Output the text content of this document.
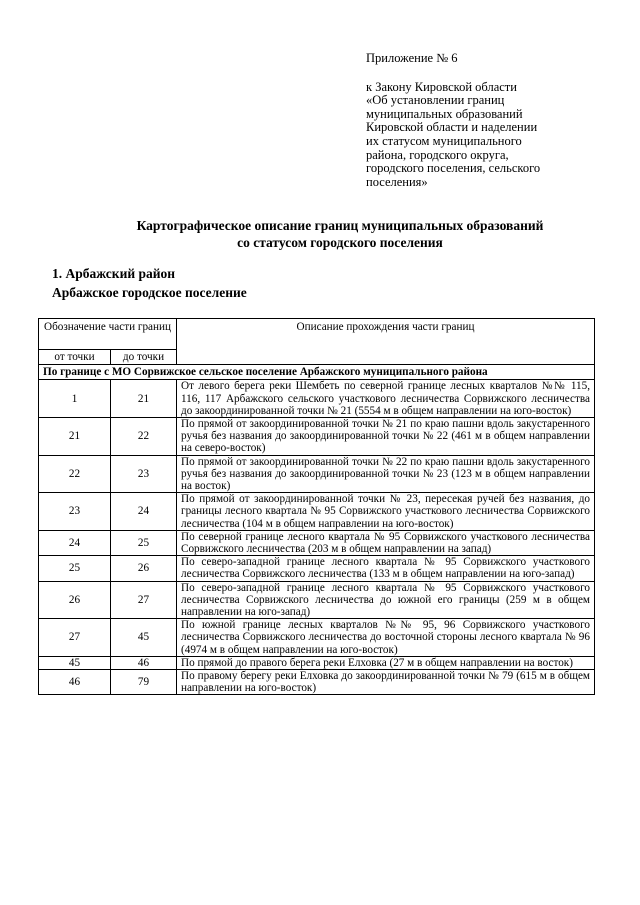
Приложение № 6
к Закону Кировской области
«Об установлении границ
муниципальных образований
Кировской области и наделении
их статусом муниципального
района, городского округа,
городского поселения, сельского
поселения»
Картографическое описание границ муниципальных образований
со статусом городского поселения
1. Арбажский район
Арбажское городское поселение
Обозначение части границ		Описание прохождения части границ
от точки	до точки	
По границе с МО Сорвижское сельское поселение Арбажского муниципального района		
1	21	От левого берега реки Шембеть по северной границе лесных кварталов №№ 115, 116, 117 Арбажского сельского участкового лесничества Сорвижского лесничества до закоординированной точки № 21 (5554 м в общем направлении на юго-восток)
21	22	По прямой от закоординированной точки № 21 по краю пашни вдоль закустаренного ручья без названия до закоординированной точки № 22 (461 м в общем направлении на северо-восток)
22	23	По прямой от закоординированной точки № 22 по краю пашни вдоль закустаренного ручья без названия до закоординированной точки № 23 (123 м в общем направлении на восток)
23	24	По прямой от закоординированной точки № 23, пересекая ручей без названия, до границы лесного квартала № 95 Сорвижского участкового лесничества Сорвижского лесничества (104 м в общем направлении на юго-восток)
24	25	По северной границе лесного квартала № 95 Сорвижского участкового лесничества Сорвижского лесничества (203 м в общем направлении на запад)
25	26	По северо-западной границе лесного квартала № 95 Сорвижского участкового лесничества Сорвижского лесничества (133 м в общем направлении на юго-запад)
26	27	По северо-западной границе лесного квартала № 95 Сорвижского участкового лесничества Сорвижского лесничества до южной его границы (259 м в общем направлении на юго-запад)
27	45	По южной границе лесных кварталов №№ 95, 96 Сорвижского участкового лесничества Сорвижского лесничества до восточной стороны лесного квартала № 96 (4974 м в общем направлении на юго-восток)
45	46	По прямой до правого берега реки Елховка (27 м в общем направлении на восток)
46	79	По правому берегу реки Елховка до закоординированной точки № 79 (615 м в общем направлении на юго-восток)
